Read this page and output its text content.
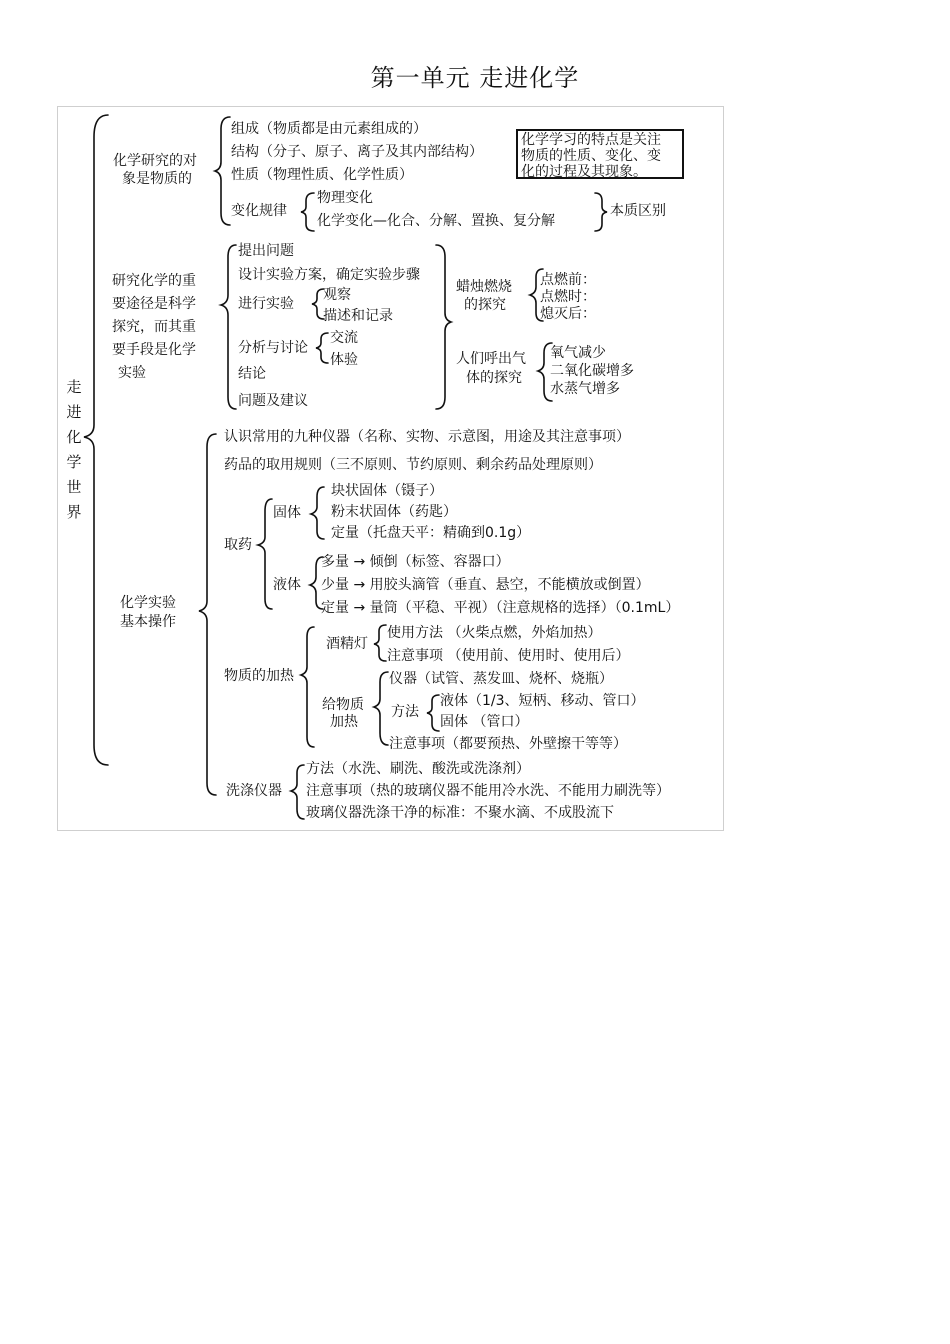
第一单元 走进化学
走
进
化
学
世
界
化学研究的对
象是物质的
组成（物质都是由元素组成的）
结构（分子、原子、离子及其内部结构）
性质（物理性质、化学性质）
变化规律
物理变化
化学变化—化合、分解、置换、复分解
本质区别
化学学习的特点是关注
物质的性质、变化、变
化的过程及其现象。
研究化学的重
要途径是科学
探究，而其重
要手段是化学
实验
提出问题
设计实验方案，确定实验步骤
进行实验
观察
描述和记录
分析与讨论
交流
体验
结论
问题及建议
蜡烛燃烧
的探究
点燃前：
点燃时：
熄灭后：
人们呼出气
体的探究
氧气减少
二氧化碳增多
水蒸气增多
化学实验
基本操作
认识常用的九种仪器（名称、实物、示意图，用途及其注意事项）
药品的取用规则（三不原则、节约原则、剩余药品处理原则）
取药
固体
块状固体（镊子）
粉末状固体（药匙）
定量（托盘天平：精确到0.1g）
液体
多量 → 倾倒（标签、容器口）
少量 → 用胶头滴管（垂直、悬空，不能横放或倒置）
定量 → 量筒（平稳、平视）（注意规格的选择）（0.1mL）
物质的加热
酒精灯
使用方法 （火柴点燃，外焰加热）
注意事项 （使用前、使用时、使用后）
给物质
加热
仪器（试管、蒸发皿、烧杯、烧瓶）
方法
液体（1/3、短柄、移动、管口）
固体 （管口）
注意事项（都要预热、外壁擦干等等）
洗涤仪器
方法（水洗、刷洗、酸洗或洗涤剂）
注意事项（热的玻璃仪器不能用冷水洗、不能用力刷洗等）
玻璃仪器洗涤干净的标准：不聚水滴、不成股流下
